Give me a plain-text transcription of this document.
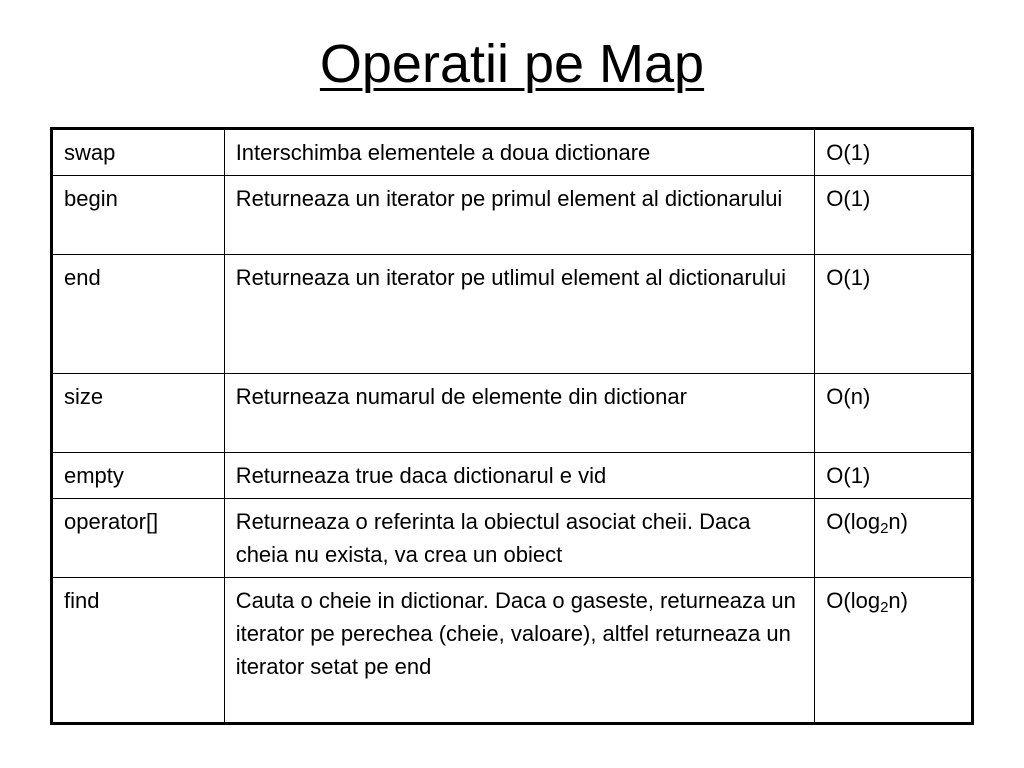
Operatii pe Map
swap	Interschimba elementele a doua dictionare	O(1)
begin	Returneaza un iterator pe primul element al dictionarului	O(1)
end	Returneaza un iterator pe utlimul element al dictionarului	O(1)
size	Returneaza numarul de elemente din dictionar	O(n)
empty	Returneaza true daca dictionarul e vid	O(1)
operator[]	Returneaza o referinta la obiectul asociat cheii. Daca cheia nu exista, va crea un obiect	$O(\log_2n)$
find	Cauta o cheie in dictionar. Daca o gaseste, returneaza un iterator pe perechea (cheie, valoare), altfel returneaza un iterator setat pe end	$O(\log_2n)$
